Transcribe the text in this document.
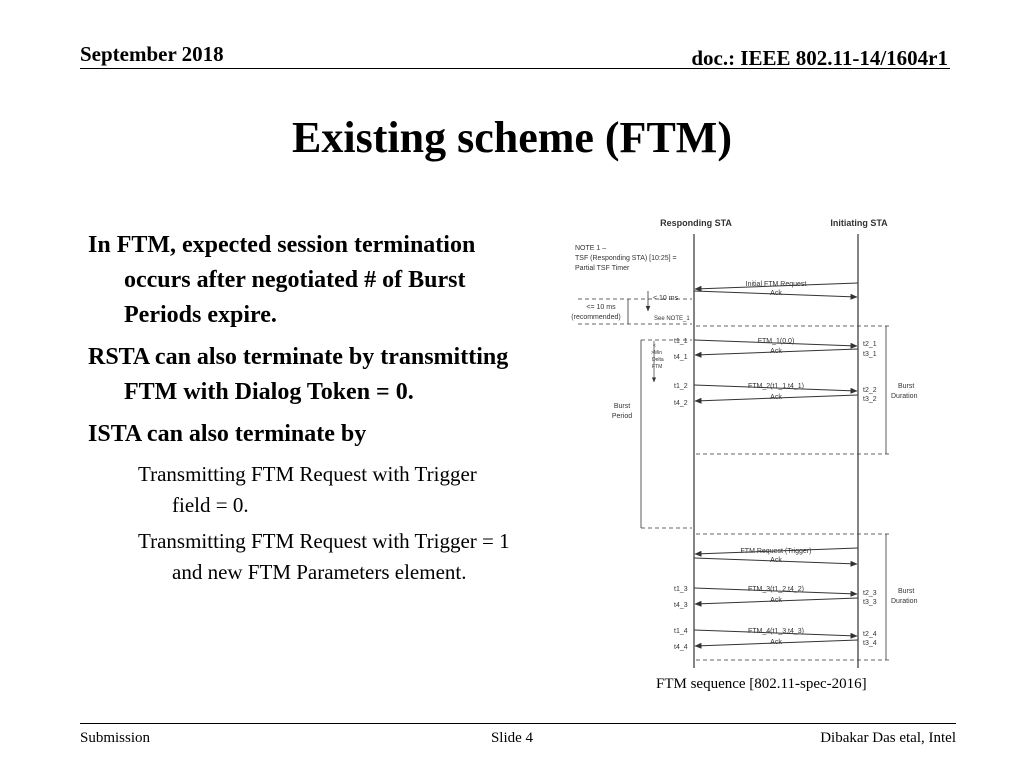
September 2018	doc.: IEEE 802.11-14/1604r1
Existing scheme (FTM)
In FTM, expected session termination occurs after negotiated # of Burst Periods expire.
RSTA can also terminate by transmitting FTM with Dialog Token = 0.
ISTA can also terminate by
Transmitting FTM Request with Trigger field = 0.
Transmitting FTM Request with Trigger = 1 and new FTM Parameters element.
Responding STA	Initiating STA
NOTE 1 –
TSF (Responding STA) [10:25] =
Partial TSF Timer
Initial FTM Request
Ack
< 10 ms
<= 10 ms
(recommended)	See NOTE_1
FTM_1(0,0)
Ack
t1_1
t4_1
t2_1
t3_1
<
>Min
Delta
FTM
FTM_2(t1_1,t4_1)
Ack
t1_2
t4_2
t2_2
t3_2
Burst
Duration
Burst
Period
FTM Request (Trigger)
Ack
FTM_3(t1_2,t4_2)
Ack
t1_3
t4_3
t2_3
t3_3
FTM_4(t1_3,t4_3)
Ack
t1_4
t4_4
t2_4
t3_4
Burst
Duration
FTM sequence [802.11-spec-2016]
Submission	Slide 4	Dibakar Das etal, Intel
